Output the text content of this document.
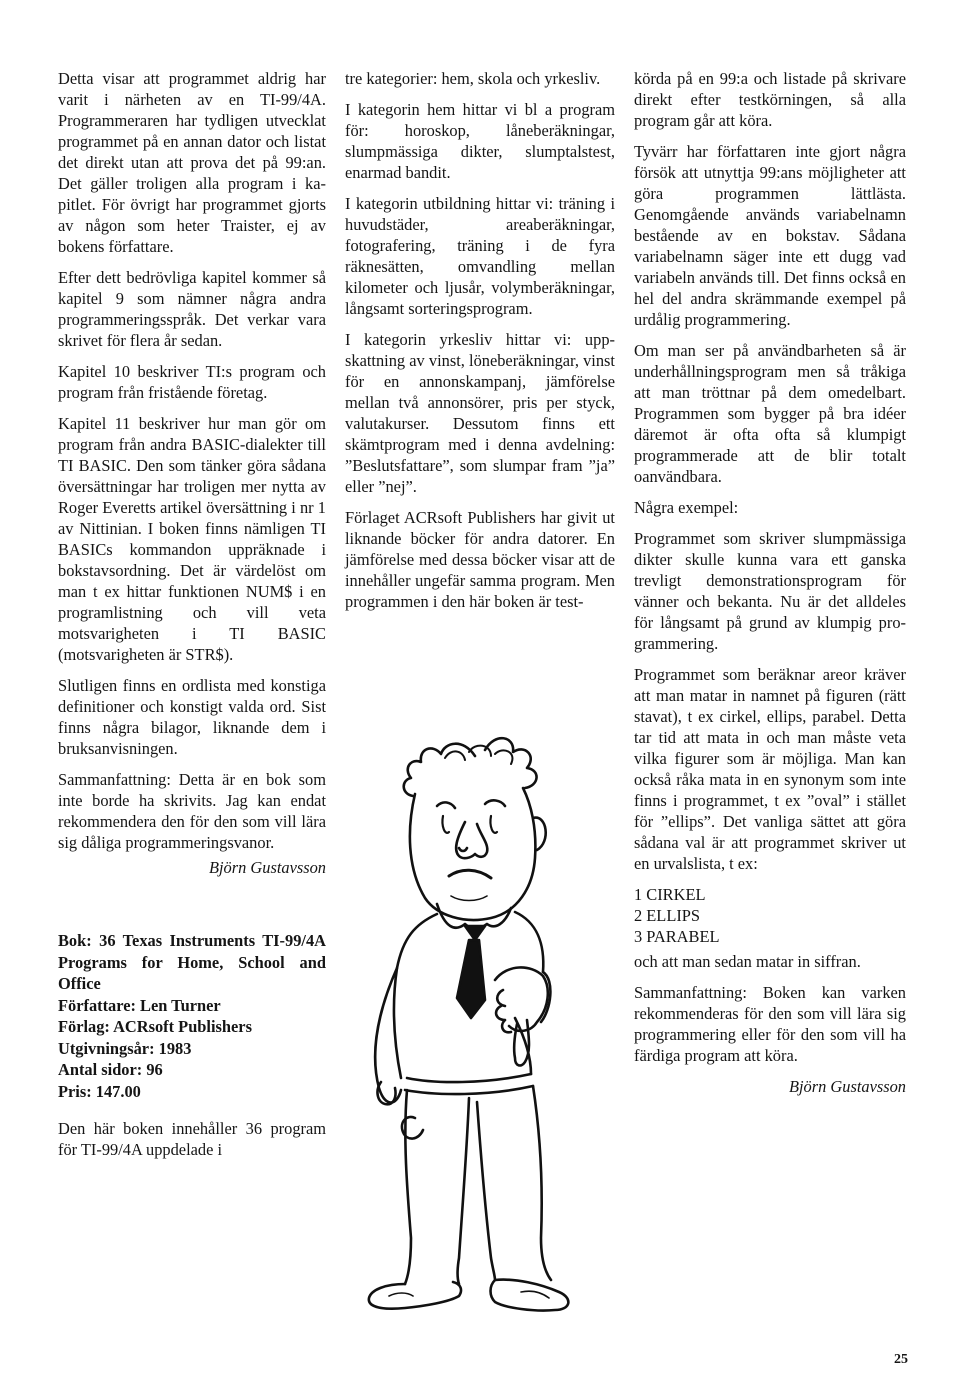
Detta visar att programmet aldrig har varit i närheten av en TI-99/4A. Programmeraren har tydligen utvecklat programmet på en annan dator och listat det direkt utan att prova det på 99:an. Det gäller troligen alla program i kapitlet. För övrigt har programmet gjorts av någon som heter Traister, ej av bokens författare.

Efter dett bedrövliga kapitel kommer så kapitel 9 som nämner några andra programmeringsspråk. Det verkar vara skrivet för flera år sedan.

Kapitel 10 beskriver TI:s program och program från fristående företag.

Kapitel 11 beskriver hur man gör om program från andra BASIC-dialekter till TI BASIC. Den som tänker göra sådana översättningar har troligen mer nytta av Roger Everetts artikel översättning i nr 1 av Nittinian. I boken finns nämligen TI BASICs kommandon uppräknade i bokstavsordning. Det är värdelöst om man t ex hittar funktionen NUM$ i en programlistning och vill veta motsvarigheten i TI BASIC (motsvarigheten är STR$).

Slutligen finns en ordlista med konstiga definitioner och konstigt valda ord. Sist finns några bilagor, liknande dem i bruksanvisningen.

Sammanfattning: Detta är en bok som inte borde ha skrivits. Jag kan endat rekommendera den för den som vill lära sig dåliga programmeringsvanor.

Björn Gustavsson

Bok: 36 Texas Instruments TI-99/4A Programs for Home, School and Office
Författare: Len Turner
Förlag: ACRsoft Publishers
Utgivningsår: 1983
Antal sidor: 96
Pris: 147.00

Den här boken innehåller 36 program för TI-99/4A uppdelade i

tre kategorier: hem, skola och yrkesliv.

I kategorin hem hittar vi bl a program för: horoskop, låneberäkningar, slumpmässiga dikter, slumptalstest, enarmad bandit.

I kategorin utbildning hittar vi: träning i huvudstäder, areaberäkningar, fotografering, träning i de fyra räknesätten, omvandling mellan kilometer och ljusår, volymberäkningar, långsamt sorteringsprogram.

I kategorin yrkesliv hittar vi: uppskattning av vinst, löneberäkningar, vinst för en annonskampanj, jämförelse mellan två annonsörer, pris per styck, valutakurser. Dessutom finns ett skämtprogram med i denna avdelning: ”Beslutsfattare”, som slumpar fram ”ja” eller ”nej”.

Förlaget ACRsoft Publishers har givit ut liknande böcker för andra datorer. En jämförelse med dessa böcker visar att de innehåller ungefär samma program. Men programmen i den här boken är test-

körda på en 99:a och listade på skrivare direkt efter testkörningen, så alla program går att köra.

Tyvärr har författaren inte gjort några försök att utnyttja 99:ans möjligheter att göra programmen lättlästa. Genomgående används variabelnamn bestående av en bokstav. Sådana variabelnamn säger inte ett dugg vad variabeln används till. Det finns också en hel del andra skrämmande exempel på urdålig programmering.

Om man ser på användbarheten så är underhållningsprogram men så tråkiga att man tröttnar på dem omedelbart. Programmen som bygger på bra idéer däremot är ofta ofta så klumpigt programmerade att de blir totalt oanvändbara.

Några exempel:

Programmet som skriver slumpmässiga dikter skulle kunna vara ett ganska trevligt demonstrationsprogram för vänner och bekanta. Nu är det alldeles för långsamt på grund av klumpig programmering.

Programmet som beräknar areor kräver att man matar in namnet på figuren (rätt stavat), t ex cirkel, ellips, parabel. Detta tar tid att mata in och man måste veta vilka figurer som är möjliga. Man kan också råka mata in en synonym som inte finns i programmet, t ex ”oval” i stället för ”ellips”. Det vanliga sättet att göra sådana val är att programmet skriver ut en urvalslista, t ex:

1 CIRKEL
2 ELLIPS
3 PARABEL

och att man sedan matar in siffran.

Sammanfattning: Boken kan varken rekommenderas för den som vill lära sig programmering eller för den som vill ha färdiga program att köra.

Björn Gustavsson

25
